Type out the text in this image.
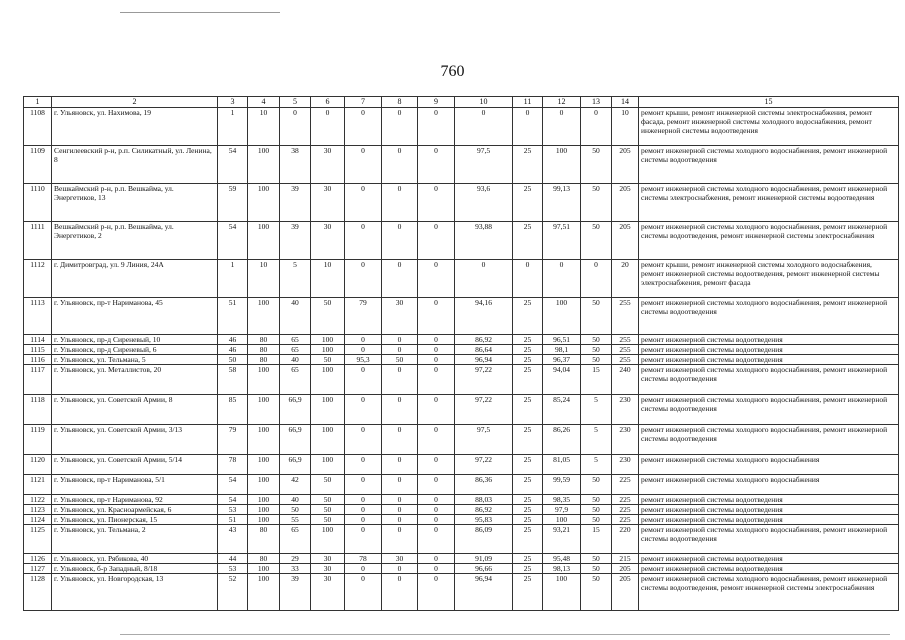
760
1	2	3	4	5	6	7	8	9	10	11	12	13	14	15
1108	г. Ульяновск, ул. Нахимова, 19	1	10	0	0	0	0	0	0	0	0	0	10	ремонт крыши, ремонт инженерной системы электроснабжения, ремонт фасада, ремонт инженерной системы холодного водоснабжения, ремонт инженерной системы водоотведения
1109	Сенгилеевский р-н, р.п. Силикатный, ул. Ленина, 8	54	100	38	30	0	0	0	97,5	25	100	50	205	ремонт инженерной системы холодного водоснабжения, ремонт инженерной системы водоотведения
1110	Вешкаймский р-н, р.п. Вешкайма, ул. Энергетиков, 13	59	100	39	30	0	0	0	93,6	25	99,13	50	205	ремонт инженерной системы холодного водоснабжения, ремонт инженерной системы электроснабжения, ремонт инженерной системы водоотведения
1111	Вешкаймский р-н, р.п. Вешкайма, ул. Энергетиков, 2	54	100	39	30	0	0	0	93,88	25	97,51	50	205	ремонт инженерной системы холодного водоснабжения, ремонт инженерной системы водоотведения, ремонт инженерной системы электроснабжения
1112	г. Димитровград, ул. 9 Линия, 24А	1	10	5	10	0	0	0	0	0	0	0	20	ремонт крыши, ремонт инженерной системы холодного водоснабжения, ремонт инженерной системы водоотведения, ремонт инженерной системы электроснабжения, ремонт фасада
1113	г. Ульяновск, пр-т Нариманова, 45	51	100	40	50	79	30	0	94,16	25	100	50	255	ремонт инженерной системы холодного водоснабжения, ремонт инженерной системы водоотведения
1114	г. Ульяновск, пр-д Сиреневый, 10	46	80	65	100	0	0	0	86,92	25	96,51	50	255	ремонт инженерной системы водоотведения
1115	г. Ульяновск, пр-д Сиреневый, 6	46	80	65	100	0	0	0	86,64	25	98,1	50	255	ремонт инженерной системы водоотведения
1116	г. Ульяновск, ул. Тельмана, 5	50	80	40	50	95,3	50	0	96,94	25	96,37	50	255	ремонт инженерной системы водоотведения
1117	г. Ульяновск, ул. Металлистов, 20	58	100	65	100	0	0	0	97,22	25	94,04	15	240	ремонт инженерной системы холодного водоснабжения, ремонт инженерной системы водоотведения
1118	г. Ульяновск, ул. Советской Армии, 8	85	100	66,9	100	0	0	0	97,22	25	85,24	5	230	ремонт инженерной системы холодного водоснабжения, ремонт инженерной системы водоотведения
1119	г. Ульяновск, ул. Советской Армии, 3/13	79	100	66,9	100	0	0	0	97,5	25	86,26	5	230	ремонт инженерной системы холодного водоснабжения, ремонт инженерной системы водоотведения
1120	г. Ульяновск, ул. Советской Армии, 5/14	78	100	66,9	100	0	0	0	97,22	25	81,05	5	230	ремонт инженерной системы холодного водоснабжения
1121	г. Ульяновск, пр-т Нариманова, 5/1	54	100	42	50	0	0	0	86,36	25	99,59	50	225	ремонт инженерной системы холодного водоснабжения
1122	г. Ульяновск, пр-т Нариманова, 92	54	100	40	50	0	0	0	88,03	25	98,35	50	225	ремонт инженерной системы водоотведения
1123	г. Ульяновск, ул. Красноармейская, 6	53	100	50	50	0	0	0	86,92	25	97,9	50	225	ремонт инженерной системы водоотведения
1124	г. Ульяновск, ул. Пионерская, 15	51	100	55	50	0	0	0	95,83	25	100	50	225	ремонт инженерной системы водоотведения
1125	г. Ульяновск, ул. Тельмана, 2	43	80	65	100	0	0	0	86,09	25	93,21	15	220	ремонт инженерной системы холодного водоснабжения, ремонт инженерной системы водоотведения
1126	г. Ульяновск, ул. Рябикова, 40	44	80	29	30	78	30	0	91,09	25	95,48	50	215	ремонт инженерной системы водоотведения
1127	г. Ульяновск, б-р Западный, 8/18	53	100	33	30	0	0	0	96,66	25	98,13	50	205	ремонт инженерной системы водоотведения
1128	г. Ульяновск, ул. Новгородская, 13	52	100	39	30	0	0	0	96,94	25	100	50	205	ремонт инженерной системы холодного водоснабжения, ремонт инженерной системы водоотведения, ремонт инженерной системы электроснабжения
